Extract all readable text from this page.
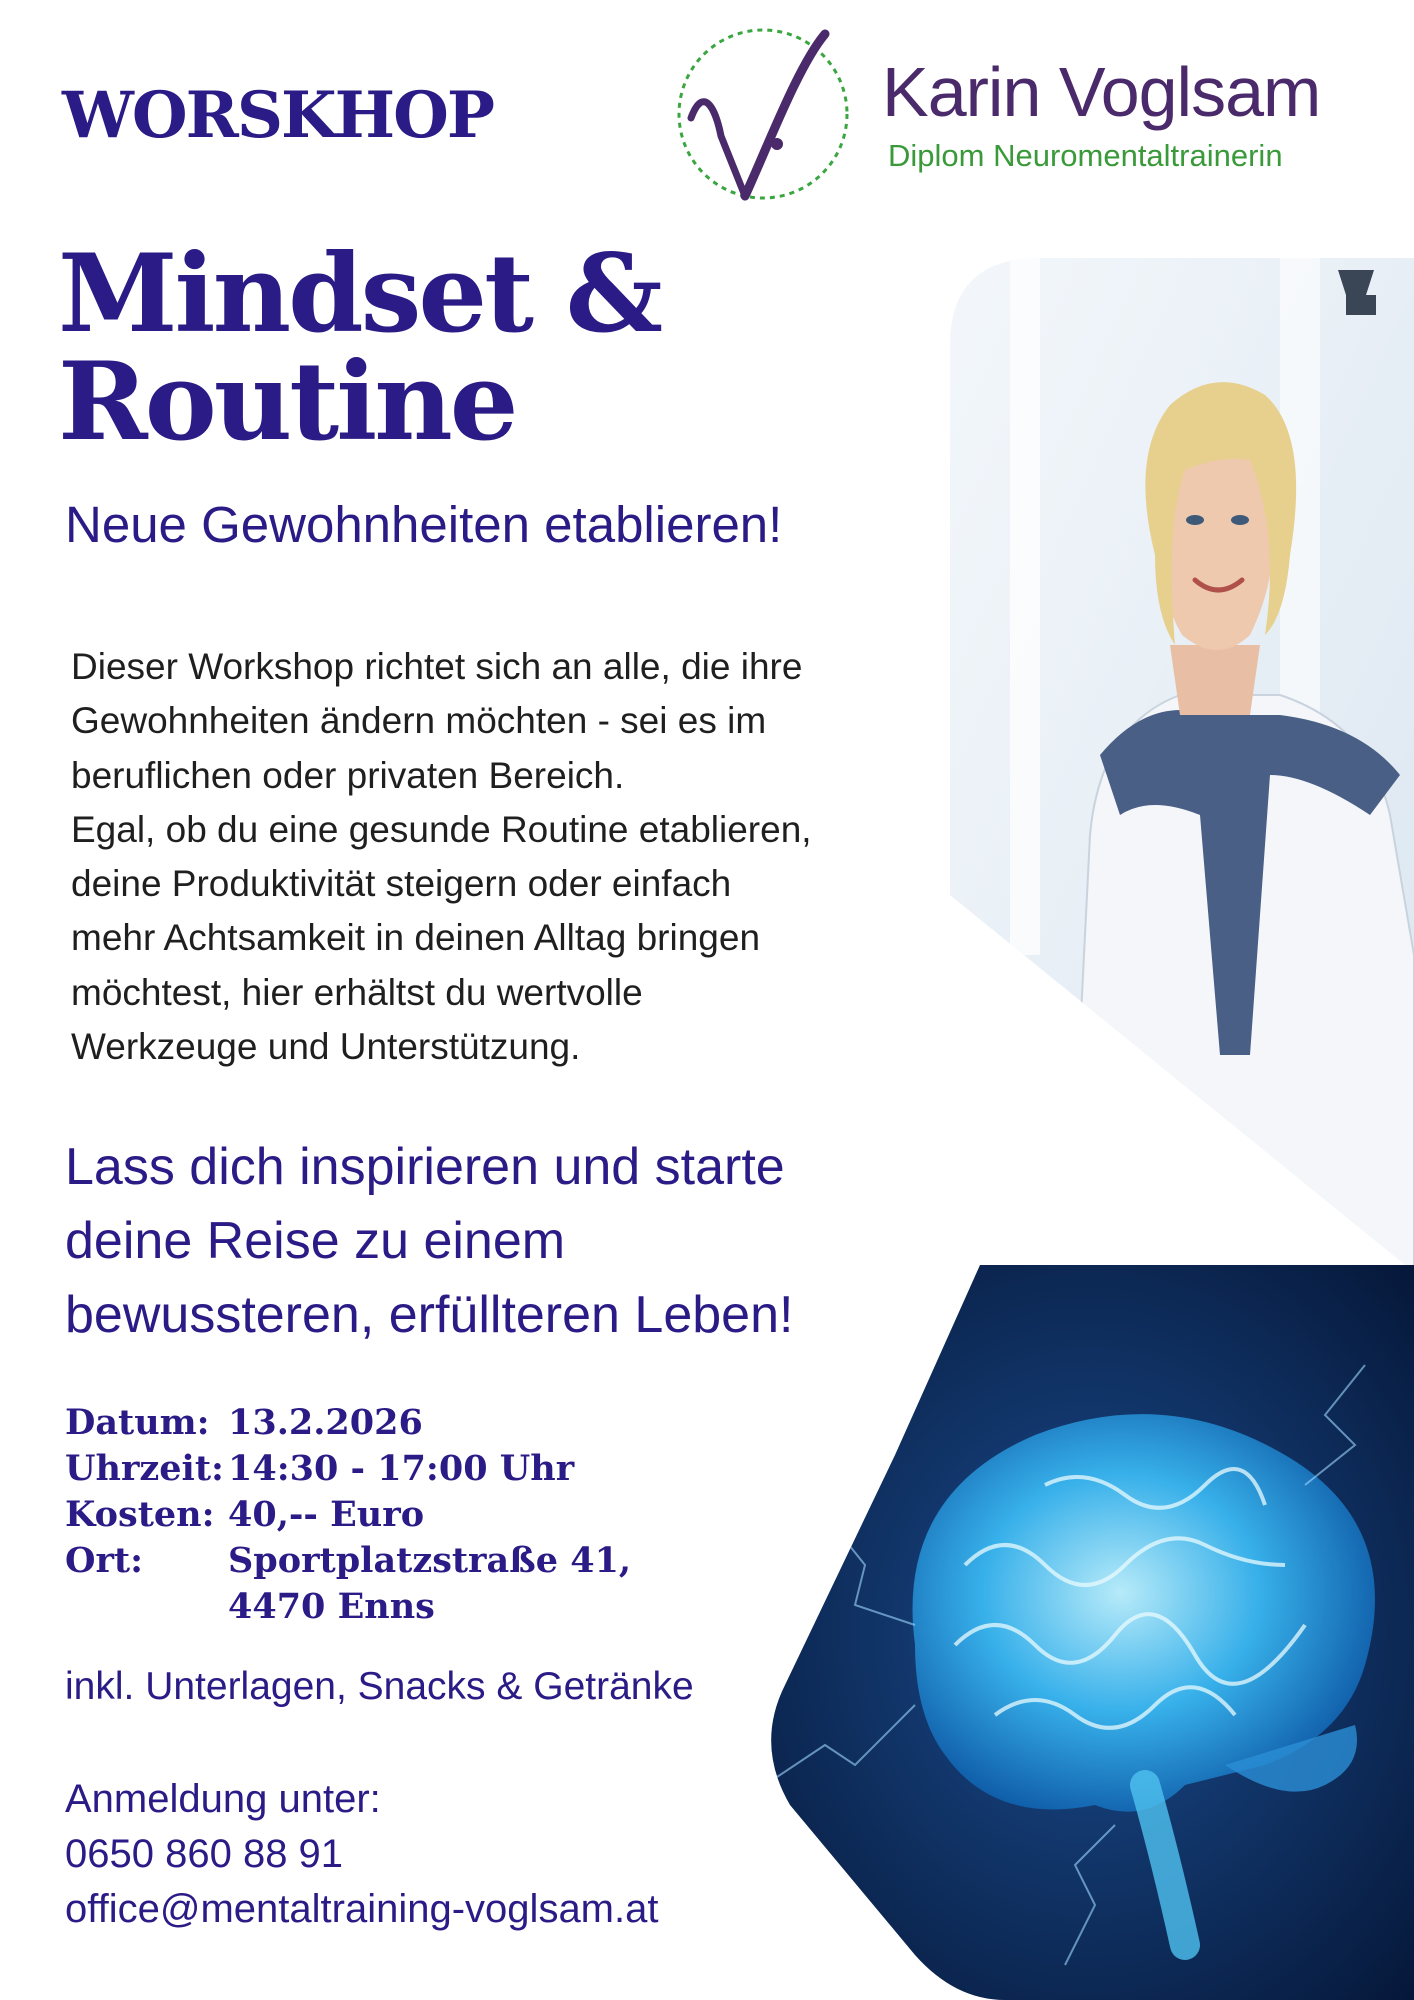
WORSKHOP	Karin Voglsam
Diplom Neuromentaltrainerin
Mindset &
Routine
Neue Gewohnheiten etablieren!

Dieser Workshop richtet sich an alle, die ihre

Gewohnheiten ändern möchten - sei es im

beruflichen oder privaten Bereich.

Egal, ob du eine gesunde Routine etablieren,

deine Produktivität steigern oder einfach

mehr Achtsamkeit in deinen Alltag bringen

möchtest, hier erhältst du wertvolle

Werkzeuge und Unterstützung.

Lass dich inspirieren und starte
deine Reise zu einem
bewussteren, erfüllteren Leben!
Datum: 13.2.2026
Uhrzeit: 14:30 - 17:00 Uhr
Kosten: 40,-- Euro
Ort:	Sportplatzstraße 41,
4470 Enns
inkl. Unterlagen, Snacks & Getränke
Anmeldung unter:
0650 860 88 91
office@mentaltraining-voglsam.at
